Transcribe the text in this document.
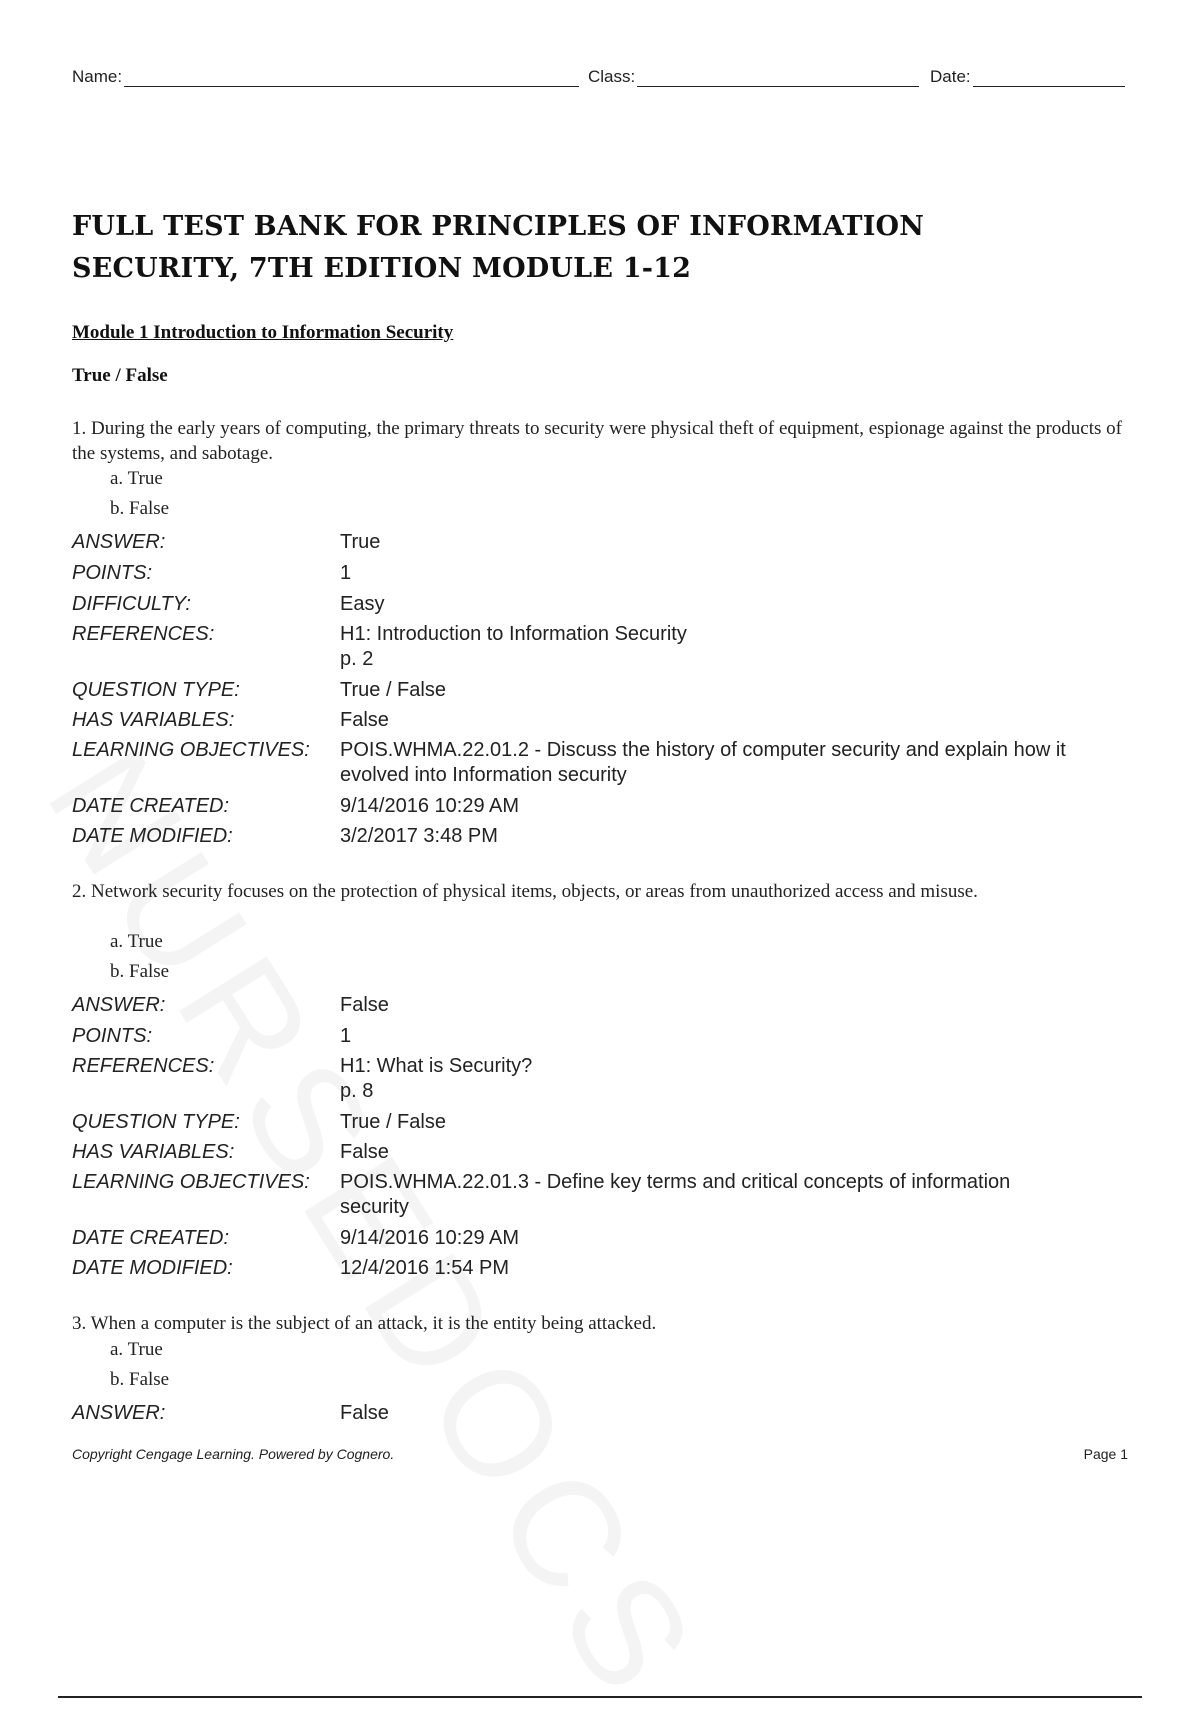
Name:	Class:	Date:
FULL TEST BANK FOR PRINCIPLES OF INFORMATION SECURITY, 7TH EDITION MODULE 1-12
Module 1 Introduction to Information Security
True / False
1. During the early years of computing, the primary threats to security were physical theft of equipment, espionage against the products of the systems, and sabotage.
a. True
b. False
ANSWER:	True
POINTS:	1
DIFFICULTY:	Easy
REFERENCES:	H1: Introduction to Information Security
p. 2
QUESTION TYPE:	True / False
HAS VARIABLES:	False
LEARNING OBJECTIVES: POIS.WHMA.22.01.2 - Discuss the history of computer security and explain how it
evolved into Information security
DATE CREATED:	9/14/2016 10:29 AM
DATE MODIFIED:	3/2/2017 3:48 PM
2. Network security focuses on the protection of physical items, objects, or areas from unauthorized access and misuse.
a. True
b. False
ANSWER:	False
POINTS:	1
REFERENCES:	H1: What is Security?
p. 8
QUESTION TYPE:	True / False
HAS VARIABLES:	False
LEARNING OBJECTIVES: POIS.WHMA.22.01.3 - Define key terms and critical concepts of information
security
DATE CREATED:	9/14/2016 10:29 AM
DATE MODIFIED:	12/4/2016 1:54 PM
3. When a computer is the subject of an attack, it is the entity being attacked.
a. True
b. False
ANSWER:	False
Copyright Cengage Learning. Powered by Cognero.	Page 1
